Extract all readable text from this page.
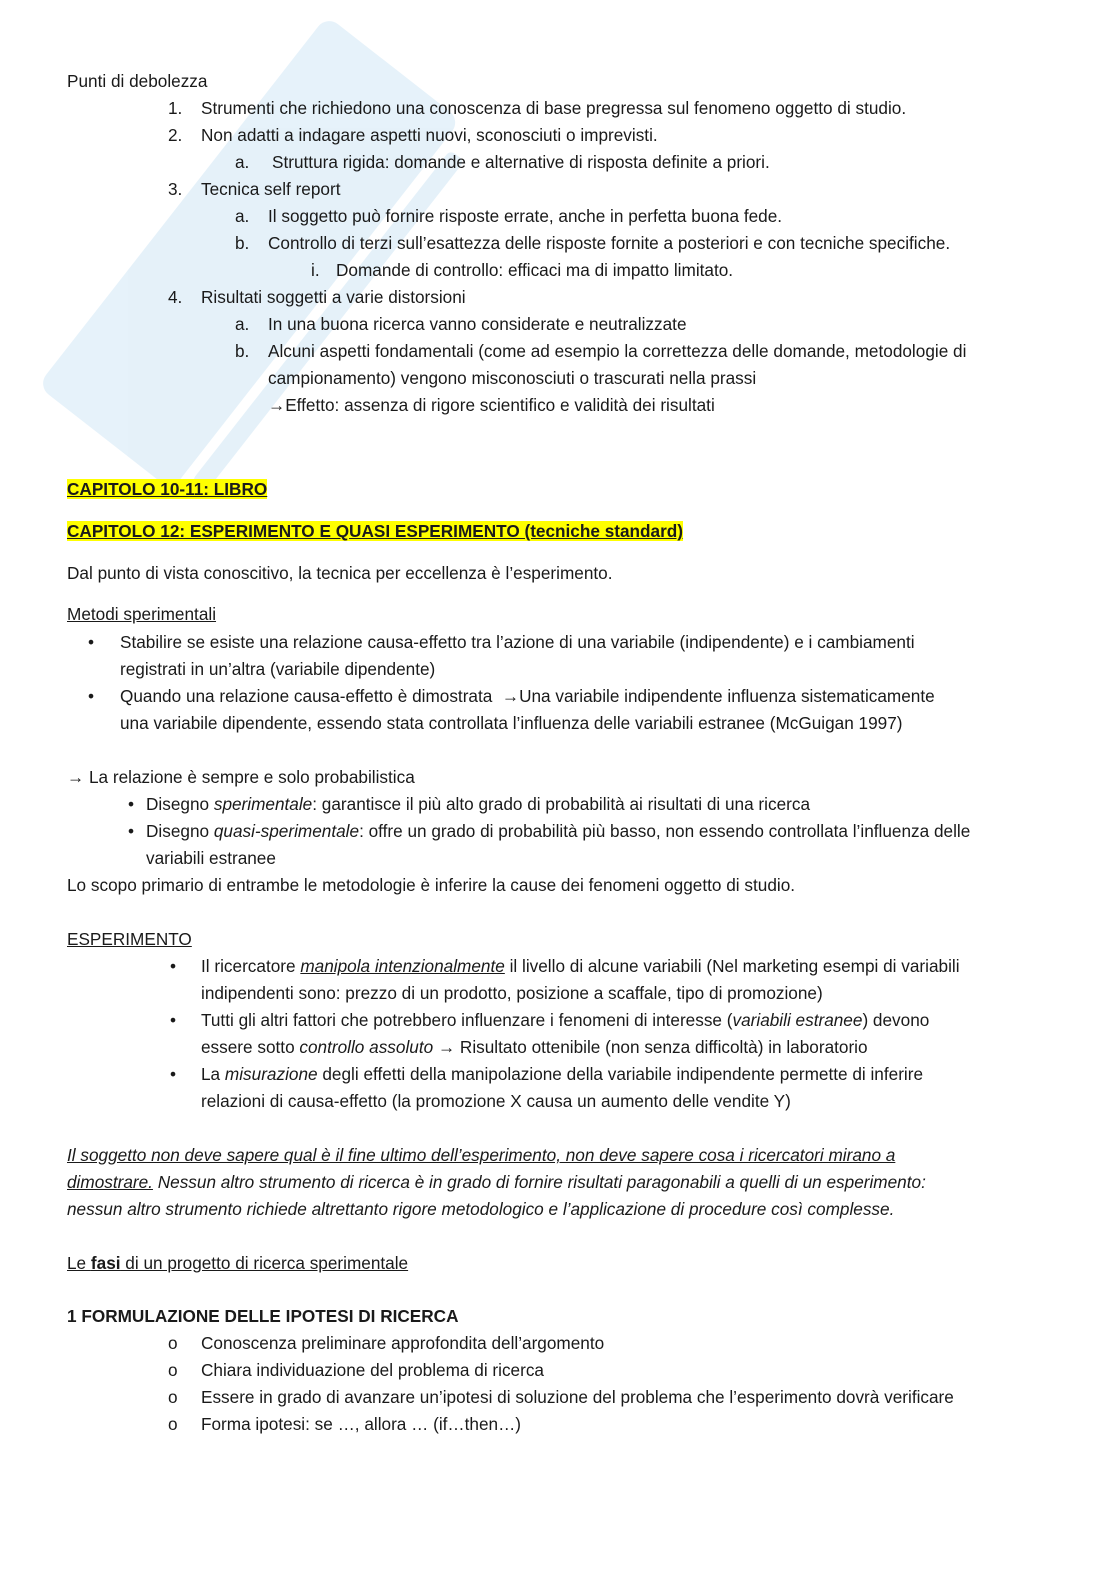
Punti di debolezza
1. Strumenti che richiedono una conoscenza di base pregressa sul fenomeno oggetto di studio.
2. Non adatti a indagare aspetti nuovi, sconosciuti o imprevisti.
a. Struttura rigida: domande e alternative di risposta definite a priori.
3. Tecnica self report
a. Il soggetto può fornire risposte errate, anche in perfetta buona fede.
b. Controllo di terzi sull’esattezza delle risposte fornite a posteriori e con tecniche specifiche.
i. Domande di controllo: efficaci ma di impatto limitato.
4. Risultati soggetti a varie distorsioni
a. In una buona ricerca vanno considerate e neutralizzate
b. Alcuni aspetti fondamentali (come ad esempio la correttezza delle domande, metodologie di
campionamento) vengono misconosciuti o trascurati nella prassi
→Effetto: assenza di rigore scientifico e validità dei risultati
CAPITOLO 10-11: LIBRO
CAPITOLO 12: ESPERIMENTO E QUASI ESPERIMENTO (tecniche standard)
Dal punto di vista conoscitivo, la tecnica per eccellenza è l’esperimento.
Metodi sperimentali
• Stabilire se esiste una relazione causa-effetto tra l’azione di una variabile (indipendente) e i cambiamenti
registrati in un’altra (variabile dipendente)
• Quando una relazione causa-effetto è dimostrata →Una variabile indipendente influenza sistematicamente
una variabile dipendente, essendo stata controllata l’influenza delle variabili estranee (McGuigan 1997)
→ La relazione è sempre e solo probabilistica
• Disegno sperimentale: garantisce il più alto grado di probabilità ai risultati di una ricerca
• Disegno quasi-sperimentale: offre un grado di probabilità più basso, non essendo controllata l’influenza delle
variabili estranee
Lo scopo primario di entrambe le metodologie è inferire la cause dei fenomeni oggetto di studio.
ESPERIMENTO
• Il ricercatore manipola intenzionalmente il livello di alcune variabili (Nel marketing esempi di variabili
indipendenti sono: prezzo di un prodotto, posizione a scaffale, tipo di promozione)
• Tutti gli altri fattori che potrebbero influenzare i fenomeni di interesse (variabili estranee) devono
essere sotto controllo assoluto → Risultato ottenibile (non senza difficoltà) in laboratorio
• La misurazione degli effetti della manipolazione della variabile indipendente permette di inferire
relazioni di causa-effetto (la promozione X causa un aumento delle vendite Y)
Il soggetto non deve sapere qual è il fine ultimo dell’esperimento, non deve sapere cosa i ricercatori mirano a
dimostrare. Nessun altro strumento di ricerca è in grado di fornire risultati paragonabili a quelli di un esperimento:
nessun altro strumento richiede altrettanto rigore metodologico e l’applicazione di procedure così complesse.
Le fasi di un progetto di ricerca sperimentale
1 FORMULAZIONE DELLE IPOTESI DI RICERCA
o Conoscenza preliminare approfondita dell’argomento
o Chiara individuazione del problema di ricerca
o Essere in grado di avanzare un’ipotesi di soluzione del problema che l’esperimento dovrà verificare
o Forma ipotesi: se …, allora … (if…then…)
